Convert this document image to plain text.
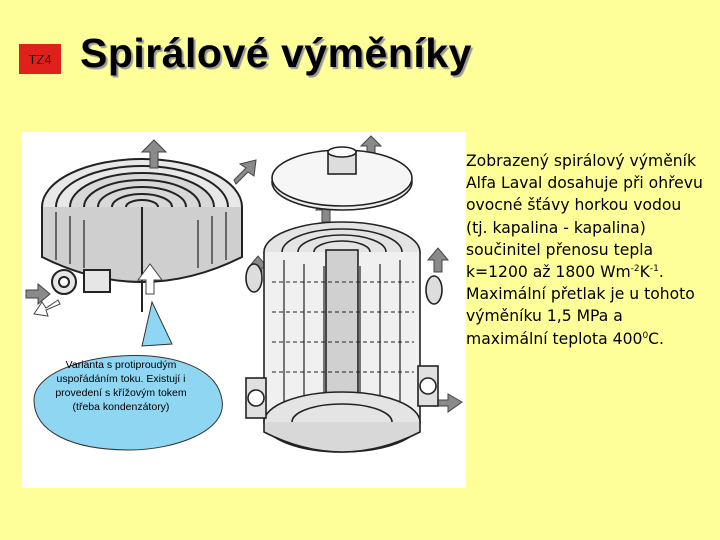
TZ4 Spirálové výměníky
Varianta s protiproudým
uspořádáním toku. Existují i
provedení s křížovým tokem
(třeba kondenzátory)

Zobrazený spirálový výměník

Alfa Laval dosahuje při ohřevu

ovocné šťávy horkou vodou

(tj. kapalina - kapalina)

součinitel přenosu tepla

k=1200 až 1800 $Wm^{-2}K^{-1}$.

Maximální přetlak je u tohoto

výměníku 1,5 MPa a

maximální teplota $400^0C$.
